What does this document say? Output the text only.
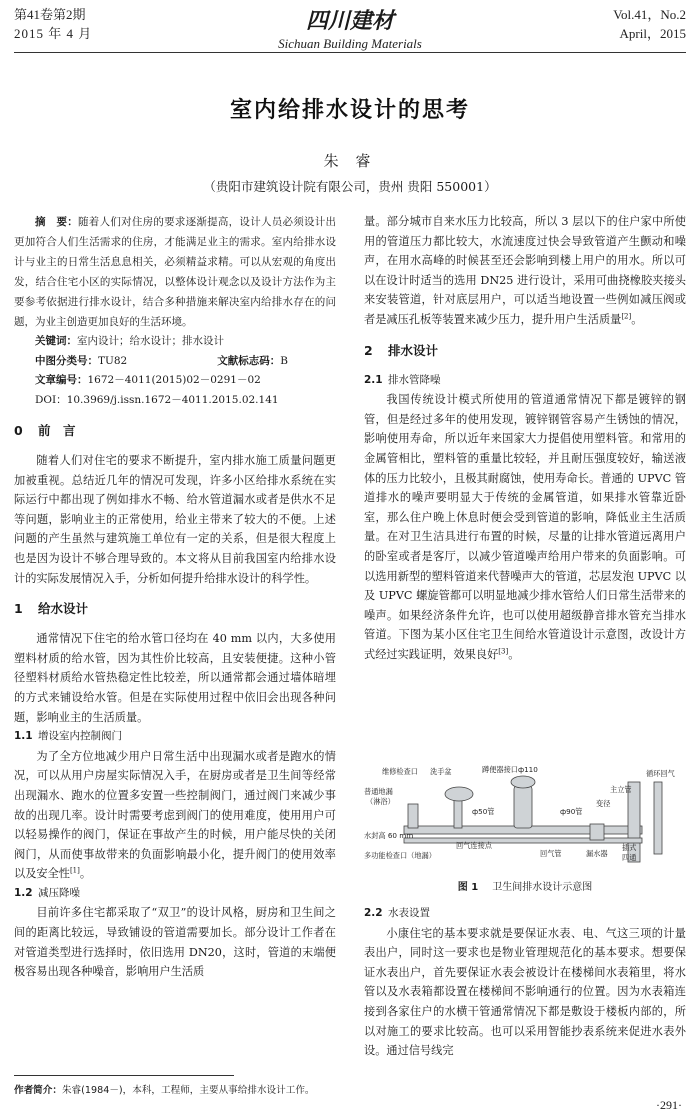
第41卷第2期
2015 年 4 月	四川建材
Sichuan Building Materials
Vol.41，No.2
April，2015
室内给排水设计的思考
朱 睿
（贵阳市建筑设计院有限公司，贵州 贵阳 550001）

摘　要：随着人们对住房的要求逐渐提高，设计人员必须设计出更加符合人们生活需求的住房，才能满足业主的需求。室内给排水设计与业主的日常生活息息相关，必须精益求精。可以从宏观的角度出发，结合住宅小区的实际情况，以整体设计观念以及设计方法作为主要参考依据进行排水设计，结合多种措施来解决室内给排水存在的问题，为业主创造更加良好的生活环境。

关键词：室内设计；给水设计；排水设计
中图分类号：TU82	文献标志码：B
文章编号：1672－4011(2015)02－0291－02
DOI：10.3969/j.issn.1672－4011.2015.02.141
0 前　言

随着人们对住宅的要求不断提升，室内排水施工质量问题更加被重视。总结近几年的情况可发现，许多小区给排水系统在实际运行中都出现了例如排水不畅、给水管道漏水或者是供水不足等问题，影响业主的正常使用，给业主带来了较大的不便。上述问题的产生虽然与建筑施工单位有一定的关系，但是很大程度上也是因为设计不够合理导致的。本文将从目前我国室内给排水设计的实际发展情况入手，分析如何提升给排水设计的科学性。

1 给水设计

通常情况下住宅的给水管口径均在 40 mm 以内，大多使用塑料材质的给水管，因为其性价比较高，且安装便捷。这种小管径塑料材质给水管热稳定性比较差，所以通常都会通过墙体暗埋的方式来铺设给水管。但是在实际使用过程中依旧会出现各种问题，影响业主的生活质量。

1.1 增设室内控制阀门

为了全方位地减少用户日常生活中出现漏水或者是跑水的情况，可以从用户房屋实际情况入手，在厨房或者是卫生间等经常出现漏水、跑水的位置多安置一些控制阀门，通过阀门来减少事故的出现几率。设计时需要考虑到阀门的使用难度，使用用户可以轻易操作的阀门，保证在事故产生的时候，用户能尽快的关闭阀门，从而使事故带来的负面影响最小化，提升阀门的使用效率以及安全性[1]。

1.2 减压降噪

目前许多住宅都采取了“双卫”的设计风格，厨房和卫生间之间的距离比较远，导致铺设的管道需要加长。部分设计工作者在对管道类型进行选择时，依旧选用 DN20，这时，管道的末端便极容易出现各种噪音，影响用户生活质

量。部分城市自来水压力比较高，所以 3 层以下的住户家中所使用的管道压力都比较大，水流速度过快会导致管道产生颤动和噪声，在用水高峰的时候甚至还会影响到楼上用户的用水。所以可以在设计时适当的选用 DN25 进行设计，采用可曲挠橡胶夹接头来安装管道，针对底层用户，可以适当地设置一些例如减压阀或者是减压孔板等装置来减少压力，提升用户生活质量[2]。

2 排水设计
2.1 排水管降噪

我国传统设计模式所使用的管道通常情况下都是镀锌的钢管，但是经过多年的使用发现，镀锌钢管容易产生锈蚀的情况，影响使用寿命，所以近年来国家大力提倡使用塑料管。和常用的金属管相比，塑料管的重量比较轻，并且耐压强度较好，输送液体的压力比较小，且极其耐腐蚀，使用寿命长。普通的 UPVC 管道排水的噪声要明显大于传统的金属管道，如果排水管靠近卧室，那么住户晚上休息时便会受到管道的影响，降低业主生活质量。在对卫生洁具进行布置的时候，尽量的让排水管道远离用户的卧室或者是客厅，以减少管道噪声给用户带来的负面影响。可以选用新型的塑料管道来代替噪声大的管道，芯层发泡 UPVC 以及 UPVC 螺旋管都可以明显地减少排水管给人们日常生活带来的噪声。如果经济条件允许，也可以使用超级静音排水管充当排水管道。下图为某小区住宅卫生间给水管道设计示意图，改设计方式经过实践证明，效果良好[3]。

维修检查口 洗手盆	蹲便器接口ф110
普通地漏
（淋浴）
ф50管	ф90管
主立管
变径
循环回气
水封高 60 mm
多功能检查口（地漏）
回气连接点
回气管	漏水器
插式
四通
图 1 卫生间排水设计示意图
2.2 水表设置

小康住宅的基本要求就是要保证水表、电、气这三项的计量表出户，同时这一要求也是物业管理规范化的基本要求。想要保证水表出户，首先要保证水表会被设计在楼梯间水表箱里，将水管以及水表箱都设置在楼梯间不影响通行的位置。因为水表箱连接到各家住户的水横干管通常情况下都是敷设于楼板内部的，所以对施工的要求比较高。也可以采用智能抄表系统来促进水表外设。通过信号线完

作者简介：朱睿(1984－)，本科，工程师，主要从事给排水设计工作。
·291·
